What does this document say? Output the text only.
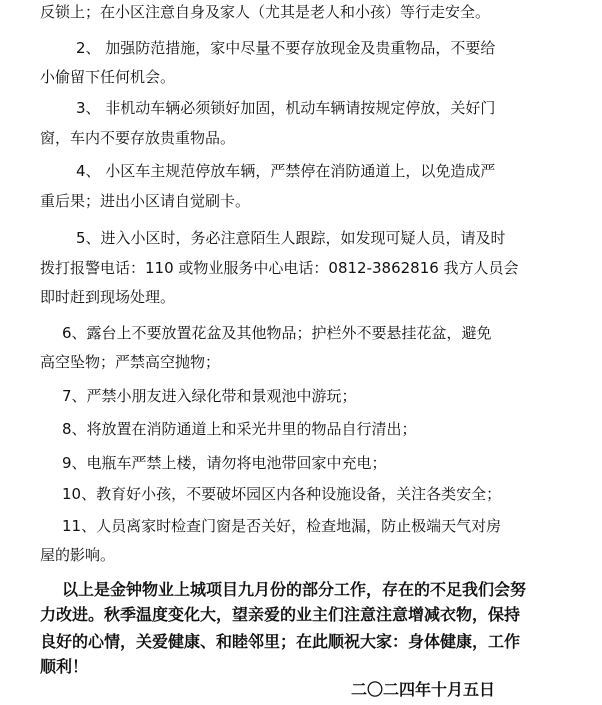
反锁上；在小区注意自身及家人（尤其是老人和小孩）等行走安全。
2、 加强防范措施，家中尽量不要存放现金及贵重物品，不要给
小偷留下任何机会。
3、 非机动车辆必须锁好加固，机动车辆请按规定停放，关好门
窗，车内不要存放贵重物品。
4、 小区车主规范停放车辆，严禁停在消防通道上，以免造成严
重后果；进出小区请自觉刷卡。
5、进入小区时，务必注意陌生人跟踪，如发现可疑人员，请及时
拨打报警电话：110 或物业服务中心电话：0812-3862816 我方人员会
即时赶到现场处理。
6、露台上不要放置花盆及其他物品；护栏外不要悬挂花盆，避免
高空坠物；严禁高空抛物；
7、严禁小朋友进入绿化带和景观池中游玩；
8、将放置在消防通道上和采光井里的物品自行清出；
9、电瓶车严禁上楼，请勿将电池带回家中充电；
10、教育好小孩，不要破坏园区内各种设施设备，关注各类安全；
11、人员离家时检查门窗是否关好，检查地漏，防止极端天气对房
屋的影响。
以上是金钟物业上城项目九月份的部分工作，存在的不足我们会努
力改进。秋季温度变化大，望亲爱的业主们注意注意增减衣物，保持
良好的心情，关爱健康、和睦邻里；在此顺祝大家：身体健康，工作
顺利！
二〇二四年十月五日
